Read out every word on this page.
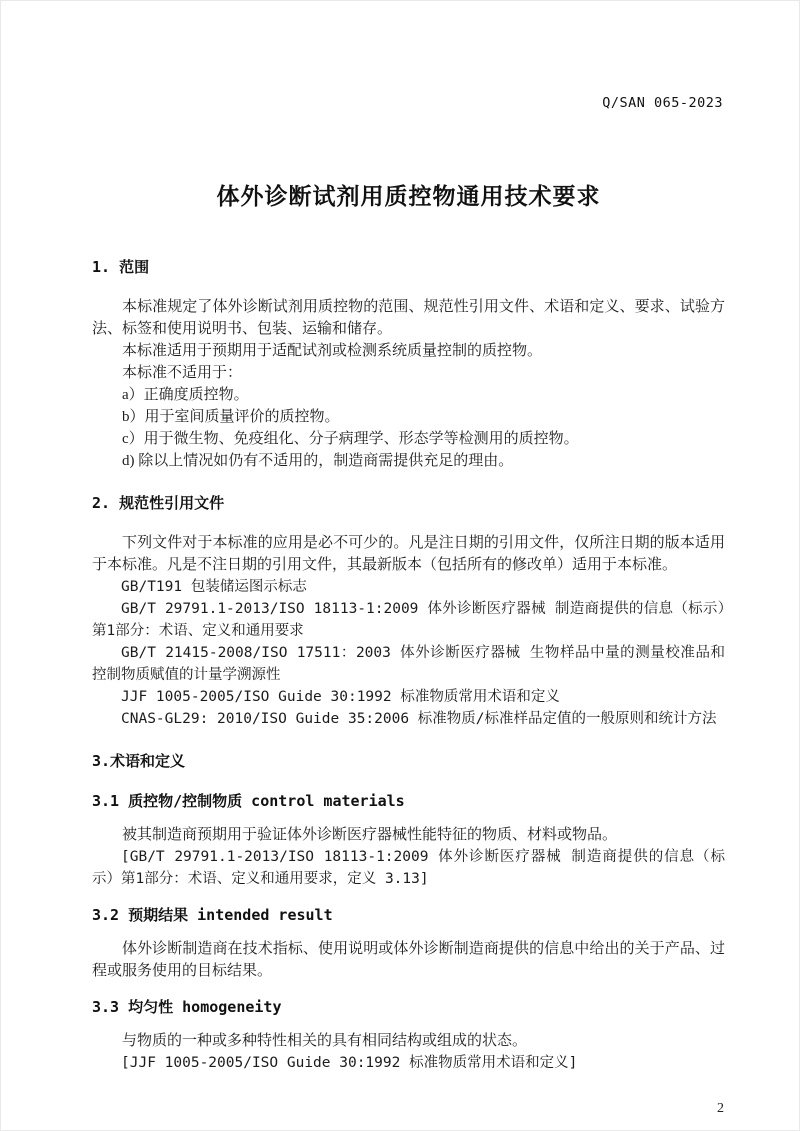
Q/SAN 065-2023
体外诊断试剂用质控物通用技术要求
1. 范围

本标准规定了体外诊断试剂用质控物的范围、规范性引用文件、术语和定义、要求、试验方法、标签和使用说明书、包装、运输和储存。

本标准适用于预期用于适配试剂或检测系统质量控制的质控物。

本标准不适用于：

a）正确度质控物。

b）用于室间质量评价的质控物。

c）用于微生物、免疫组化、分子病理学、形态学等检测用的质控物。

d) 除以上情况如仍有不适用的，制造商需提供充足的理由。

2. 规范性引用文件

下列文件对于本标准的应用是必不可少的。凡是注日期的引用文件，仅所注日期的版本适用于本标准。凡是不注日期的引用文件，其最新版本（包括所有的修改单）适用于本标准。

GB/T191 包装储运图示标志

GB/T 29791.1-2013/ISO 18113-1:2009 体外诊断医疗器械 制造商提供的信息（标示）第1部分：术语、定义和通用要求

GB/T 21415-2008/ISO 17511：2003 体外诊断医疗器械 生物样品中量的测量校准品和控制物质赋值的计量学溯源性

JJF 1005-2005/ISO Guide 30:1992 标准物质常用术语和定义

CNAS-GL29: 2010/ISO Guide 35:2006 标准物质/标准样品定值的一般原则和统计方法

3.术语和定义
3.1 质控物/控制物质 control materials

被其制造商预期用于验证体外诊断医疗器械性能特征的物质、材料或物品。

[GB/T 29791.1-2013/ISO 18113-1:2009 体外诊断医疗器械 制造商提供的信息（标示）第1部分：术语、定义和通用要求，定义 3.13]

3.2 预期结果 intended result

体外诊断制造商在技术指标、使用说明或体外诊断制造商提供的信息中给出的关于产品、过程或服务使用的目标结果。

3.3 均匀性 homogeneity

与物质的一种或多种特性相关的具有相同结构或组成的状态。

[JJF 1005-2005/ISO Guide 30:1992 标准物质常用术语和定义]

2
